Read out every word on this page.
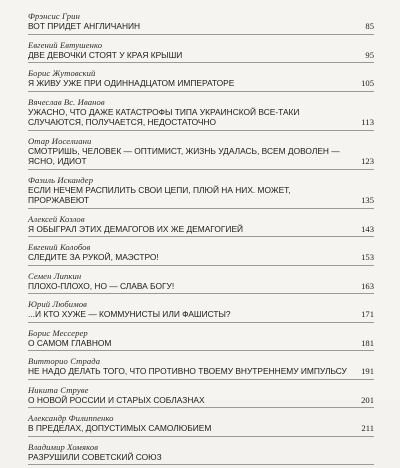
Фрэнсис Грин
ВОТ ПРИДЕТ АНГЛИЧАНИН	85
Евгений Евтушенко
ДВЕ ДЕВОЧКИ СТОЯТ У КРАЯ КРЫШИ	95
Борис Жутовский
Я ЖИВУ УЖЕ ПРИ ОДИННАДЦАТОМ ИМПЕРАТОРЕ	105
Вячеслав Вс. Иванов
УЖАСНО, ЧТО ДАЖЕ КАТАСТРОФЫ ТИПА УКРАИНСКОЙ ВСЕ-ТАКИ СЛУЧАЮТСЯ, ПОЛУЧАЕТСЯ, НЕДОСТАТОЧНО	113
Отар Иоселиани
СМОТРИШЬ, ЧЕЛОВЕК — ОПТИМИСТ, ЖИЗНЬ УДАЛАСЬ, ВСЕМ ДОВОЛЕН — ЯСНО, ИДИОТ	123
Фазиль Искандер
ЕСЛИ НЕЧЕМ РАСПИЛИТЬ СВОИ ЦЕПИ, ПЛЮЙ НА НИХ. МОЖЕТ, ПРОРЖАВЕЮТ	135
Алексей Козлов
Я ОБЫГРАЛ ЭТИХ ДЕМАГОГОВ ИХ ЖЕ ДЕМАГОГИЕЙ	143
Евгений Колобов
СЛЕДИТЕ ЗА РУКОЙ, МАЭСТРО!	153
Семен Липкин
ПЛОХО-ПЛОХО, НО — СЛАВА БОГУ!	163
Юрий Любимов
...И КТО ХУЖЕ — КОММУНИСТЫ ИЛИ ФАШИСТЫ?	171
Борис Мессерер
О САМОМ ГЛАВНОМ	181
Витторио Страда
НЕ НАДО ДЕЛАТЬ ТОГО, ЧТО ПРОТИВНО ТВОЕМУ ВНУТРЕННЕМУ ИМПУЛЬСУ	191
Никита Струве
О НОВОЙ РОССИИ И СТАРЫХ СОБЛАЗНАХ	201
Александр Филиппенко
В ПРЕДЕЛАХ, ДОПУСТИМЫХ САМОЛЮБИЕМ	211
Владимир Хомяков
РАЗРУШИЛИ СОВЕТСКИЙ СОЮЗ
